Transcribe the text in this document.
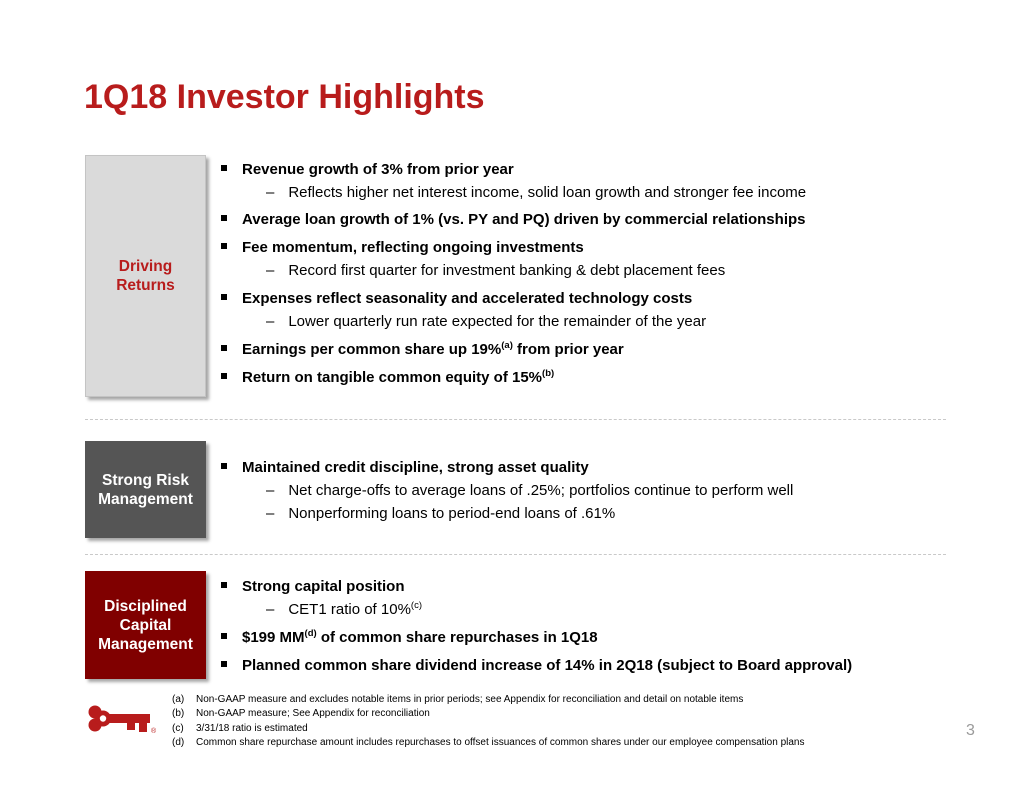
1Q18 Investor Highlights
Driving
Returns
Strong Risk
Management
Disciplined
Capital
Management
Revenue growth of 3% from prior year
– Reflects higher net interest income, solid loan growth and stronger fee income
Average loan growth of 1% (vs. PY and PQ) driven by commercial relationships
Fee momentum, reflecting ongoing investments
– Record first quarter for investment banking & debt placement fees
Expenses reflect seasonality and accelerated technology costs
– Lower quarterly run rate expected for the remainder of the year
Earnings per common share up 19%$^{(a)}$ from prior year
Return on tangible common equity of 15%$^{(b)}$
Maintained credit discipline, strong asset quality
– Net charge-offs to average loans of .25%; portfolios continue to perform well
– Nonperforming loans to period-end loans of .61%
Strong capital position
– CET1 ratio of 10%$^{(c)}$
$199 MM$^{(d)}$ of common share repurchases in 1Q18
Planned common share dividend increase of 14% in 2Q18 (subject to Board approval)
®
(a) Non-GAAP measure and excludes notable items in prior periods; see Appendix for reconciliation and detail on notable items
(b) Non-GAAP measure; See Appendix for reconciliation
(c) 3/31/18 ratio is estimated
(d) Common share repurchase amount includes repurchases to offset issuances of common shares under our employee compensation plans
3
